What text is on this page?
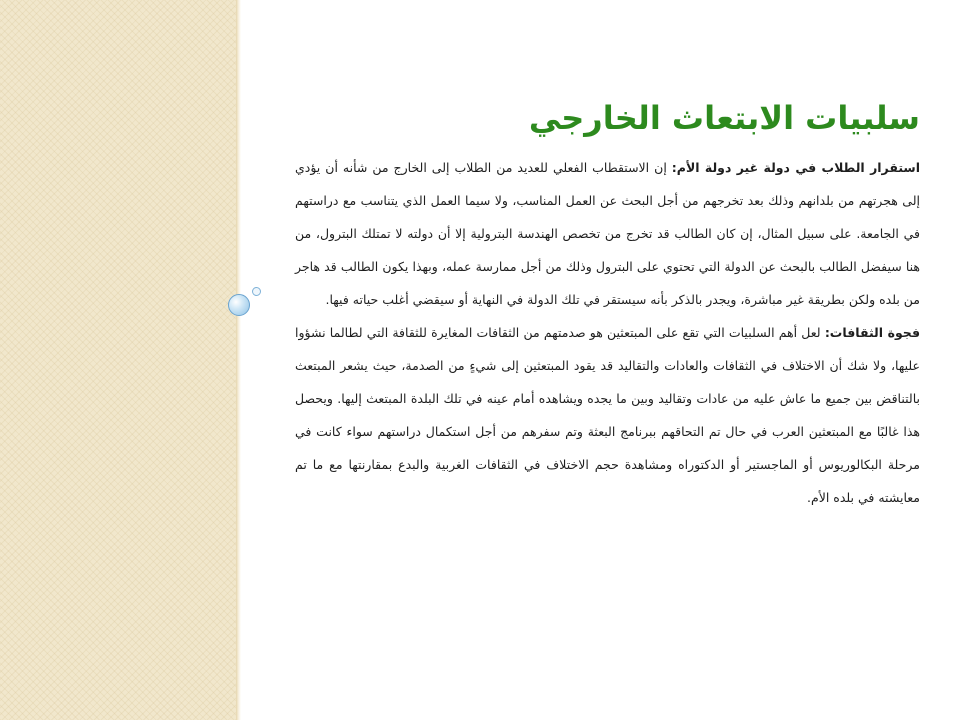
سلبيات الابتعاث الخارجي

استقرار الطلاب في دولة غير دولة الأم: إن الاستقطاب الفعلي للعديد من الطلاب إلى الخارج من شأنه أن يؤدي إلى هجرتهم من بلدانهم وذلك بعد تخرجهم من أجل البحث عن العمل المناسب، ولا سيما العمل الذي يتناسب مع دراستهم في الجامعة. على سبيل المثال، إن كان الطالب قد تخرج من تخصص الهندسة البترولية إلا أن دولته لا تمتلك البترول، من هنا سيفضل الطالب بالبحث عن الدولة التي تحتوي على البترول وذلك من أجل ممارسة عمله، وبهذا يكون الطالب قد هاجر من بلده ولكن بطريقة غير مباشرة، ويجدر بالذكر بأنه سيستقر في تلك الدولة في النهاية أو سيقضي أغلب حياته فيها.

فجوة الثقافات: لعل أهم السلبيات التي تقع على المبتعثين هو صدمتهم من الثقافات المغايرة للثقافة التي لطالما نشؤوا عليها، ولا شك أن الاختلاف في الثقافات والعادات والتقاليد قد يقود المبتعثين إلى شيءٍ من الصدمة، حيث يشعر المبتعث بالتناقض بين جميع ما عاش عليه من عادات وتقاليد وبين ما يجده ويشاهده أمام عينه في تلك البلدة المبتعث إليها. ويحصل هذا غالبًا مع المبتعثين العرب في حال تم التحاقهم ببرنامج البعثة وتم سفرهم من أجل استكمال دراستهم سواء كانت في مرحلة البكالوريوس أو الماجستير أو الدكتوراه ومشاهدة حجم الاختلاف في الثقافات الغربية والبدع بمقارنتها مع ما تم معايشته في بلده الأم.
